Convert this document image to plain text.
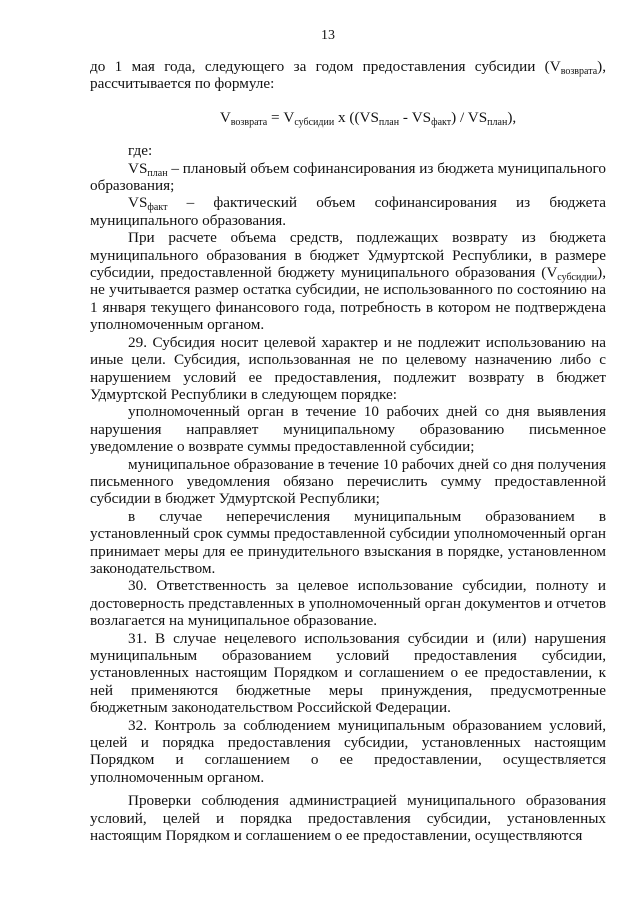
13

до 1 мая года, следующего за годом предоставления субсидии $(V_{возврата})$, рассчитывается по формуле:

$V_{возврата} = V_{субсидии}$ x $((VS_{план} - VS_{факт}) / VS_{план})$,

где:

$VS_{план}$ – плановый объем софинансирования из бюджета муниципального образования;

$VS_{факт}$ – фактический объем софинансирования из бюджета муниципального образования.

При расчете объема средств, подлежащих возврату из бюджета муниципального образования в бюджет Удмуртской Республики, в размере субсидии, предоставленной бюджету муниципального образования $(V_{субсидии})$, не учитывается размер остатка субсидии, не использованного по состоянию на 1 января текущего финансового года, потребность в котором не подтверждена уполномоченным органом.

29. Субсидия носит целевой характер и не подлежит использованию на иные цели. Субсидия, использованная не по целевому назначению либо с нарушением условий ее предоставления, подлежит возврату в бюджет Удмуртской Республики в следующем порядке:

уполномоченный орган в течение 10 рабочих дней со дня выявления нарушения направляет муниципальному образованию письменное уведомление о возврате суммы предоставленной субсидии;

муниципальное образование в течение 10 рабочих дней со дня получения письменного уведомления обязано перечислить сумму предоставленной субсидии в бюджет Удмуртской Республики;

в случае неперечисления муниципальным образованием в установленный срок суммы предоставленной субсидии уполномоченный орган принимает меры для ее принудительного взыскания в порядке, установленном законодательством.

30. Ответственность за целевое использование субсидии, полноту и достоверность представленных в уполномоченный орган документов и отчетов возлагается на муниципальное образование.

31. В случае нецелевого использования субсидии и (или) нарушения муниципальным образованием условий предоставления субсидии, установленных настоящим Порядком и соглашением о ее предоставлении, к ней применяются бюджетные меры принуждения, предусмотренные бюджетным законодательством Российской Федерации.

32. Контроль за соблюдением муниципальным образованием условий, целей и порядка предоставления субсидии, установленных настоящим Порядком и соглашением о ее предоставлении, осуществляется уполномоченным органом.

Проверки соблюдения администрацией муниципального образования условий, целей и порядка предоставления субсидии, установленных настоящим Порядком и соглашением о ее предоставлении, осуществляются
